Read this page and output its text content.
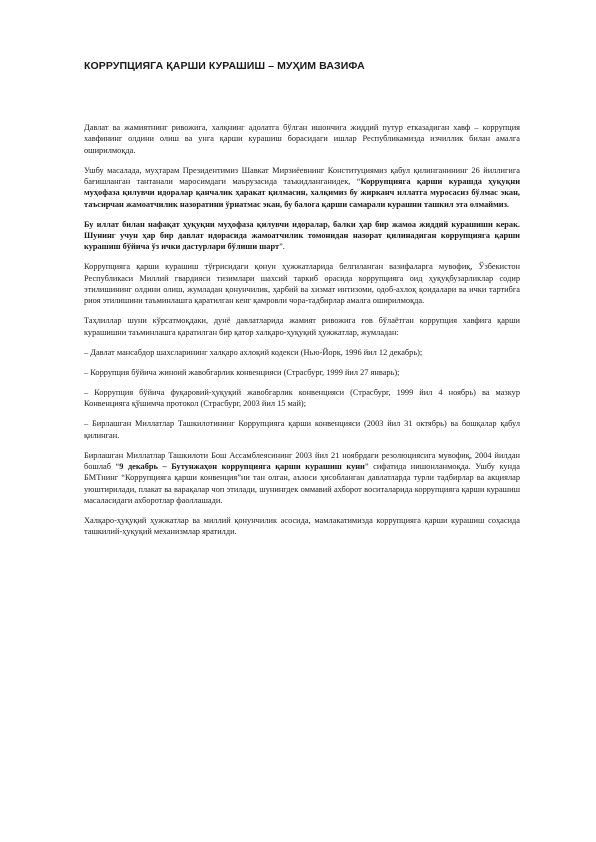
КОРРУПЦИЯГА ҚАРШИ КУРАШИШ – МУҲИМ ВАЗИФА

Давлат ва жамиятнинг ривожига, халқнинг адолатга бўлган ишончига жиддий путур етказадиган хавф – коррупция хавфининг олдини олиш ва унга қарши курашиш борасидаги ишлар Республикамизда изчиллик билан амалга оширилмоқда.

Ушбу масалада, муҳтарам Президентимиз Шавкат Мирзиёевнинг Конституциямиз қабул қилинганининг 26 йиллигига бағишланган тантанали маросимдаги маърузасида таъкидланганидек, “Коррупцияга қарши курашда ҳуқуқни муҳофаза қилувчи идоралар қанчалик ҳаракат қилмасин, халқимиз бу жирканч иллатга муросасиз бўлмас экан, таъсирчан жамоатчилик назоратини ўрнатмас экан, бу балога қарши самарали курашни ташкил эта олмаймиз.

Бу иллат билан нафақат ҳуқуқни муҳофаза қилувчи идоралар, балки ҳар бир жамоа жиддий курашиши керак. Шунинг учун ҳар бир давлат идорасида жамоатчилик томонидан назорат қилинадиган коррупцияга қарши курашиш бўйича ўз ички дастурлари бўлиши шарт”.

Коррупцияга қарши курашиш тўғрисидаги қонун ҳужжатларида белгиланган вазифаларга мувофиқ, Ўзбекистон Республикаси Миллий гвардияси тизимлари шахсий таркиб орасида коррупцияга оид ҳуқуқбузарликлар содир этилишининг олдини олиш, жумладан қонунчилик, ҳарбий ва хизмат интизоми, одоб-ахлоқ қоидалари ва ички тартибга риоя этилишини таъминлашга қаратилган кенг қамровли чора-тадбирлар амалга оширилмоқда.

Таҳлиллар шуни кўрсатмоқдаки, дунё давлатларида жамият ривожига ғов бўлаётган коррупция хавфига қарши курашишни таъминлашга қаратилган бир қатор халқаро-ҳуқуқий ҳужжатлар, жумладан:

– Давлат мансабдор шахсларининг халқаро ахлоқий кодекси (Нью-Йорк, 1996 йил 12 декабрь);

– Коррупция бўйича жиноий жавобгарлик конвенцияси (Страсбург, 1999 йил 27 январь);

– Коррупция бўйича фуқаровий-ҳуқуқий жавобгарлик конвенцияси (Страсбург, 1999 йил 4 ноябрь) ва мазкур Конвенцияга қўшимча протокол (Страсбург, 2003 йил 15 май);

– Бирлашган Миллатлар Ташкилотининг Коррупцияга қарши конвенцияси (2003 йил 31 октябрь) ва бошқалар қабул қилинган.

Бирлашган Миллатлар Ташкилоти Бош Ассамблеясининг 2003 йил 21 ноябрдаги резолюциясига мувофиқ, 2004 йилдан бошлаб “9 декабрь – Бутунжаҳон коррупцияга қарши курашиш куни” сифатида нишонланмоқда. Ушбу кунда БМТнинг “Коррупцияга қарши конвенция”ни тан олган, аъзоси ҳисобланган давлатларда турли тадбирлар ва акциялар уюштирилади, плакат ва варақалар чоп этилади, шунингдек оммавий ахборот воситаларида коррупцияга қарши курашиш масаласидаги ахборотлар фаоллашади.

Халқаро-ҳуқуқий ҳужжатлар ва миллий қонунчилик асосида, мамлакатимизда коррупцияга қарши курашиш соҳасида ташкилий-ҳуқуқий механизмлар яратилди.
